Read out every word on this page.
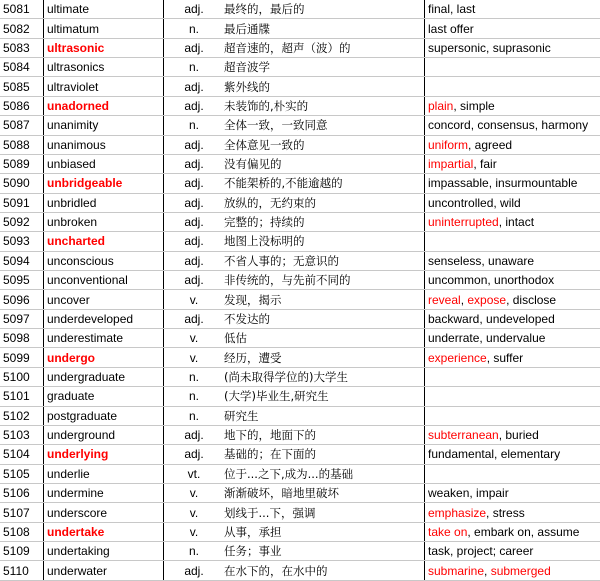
5081	ultimate	adj.	最终的，最后的	final, last
5082	ultimatum	n.	最后通牒	last offer
5083	ultrasonic	adj.	超音速的，超声（波）的	supersonic, suprasonic
5084	ultrasonics	n.	超音波学	
5085	ultraviolet	adj.	紫外线的	
5086	unadorned	adj.	未装饰的,朴实的	plain, simple
5087	unanimity	n.	全体一致，一致同意	concord, consensus, harmony
5088	unanimous	adj.	全体意见一致的	uniform, agreed
5089	unbiased	adj.	没有偏见的	impartial, fair
5090	unbridgeable	adj.	不能架桥的,不能逾越的	impassable, insurmountable
5091	unbridled	adj.	放纵的，无约束的	uncontrolled, wild
5092	unbroken	adj.	完整的；持续的	uninterrupted, intact
5093	uncharted	adj.	地图上没标明的	
5094	unconscious	adj.	不省人事的；无意识的	senseless, unaware
5095	unconventional	adj.	非传统的，与先前不同的	uncommon, unorthodox
5096	uncover	v.	发现，揭示	reveal, expose, disclose
5097	underdeveloped	adj.	不发达的	backward, undeveloped
5098	underestimate	v.	低估	underrate, undervalue
5099	undergo	v.	经历，遭受	experience, suffer
5100	undergraduate	n.	(尚未取得学位的)大学生	
5101	graduate	n.	(大学)毕业生,研究生	
5102	postgraduate	n.	研究生	
5103	underground	adj.	地下的，地面下的	subterranean, buried
5104	underlying	adj.	基础的；在下面的	fundamental, elementary
5105	underlie	vt.	位于...之下,成为...的基础	
5106	undermine	v.	渐渐破坏，暗地里破坏	weaken, impair
5107	underscore	v.	划线于...下，强调	emphasize, stress
5108	undertake	v.	从事，承担	take on, embark on, assume
5109	undertaking	n.	任务；事业	task, project; career
5110	underwater	adj.	在水下的，在水中的	submarine, submerged
